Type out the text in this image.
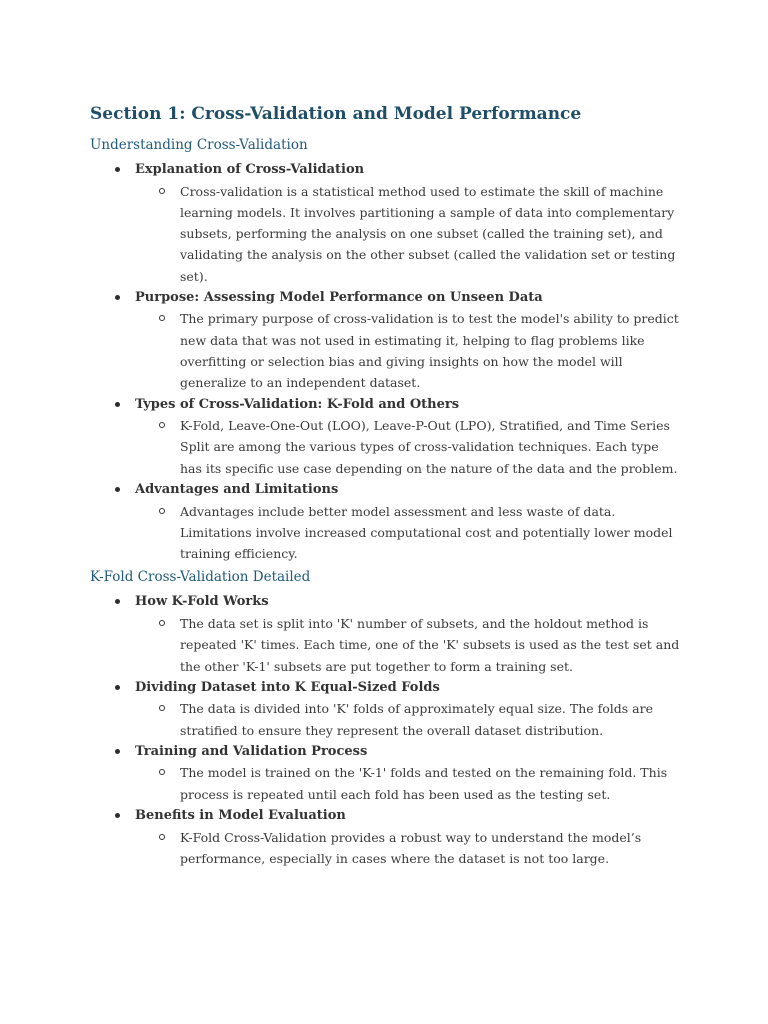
Section 1: Cross-Validation and Model Performance
Understanding Cross-Validation
Explanation of Cross-Validation
Cross-validation is a statistical method used to estimate the skill of machine learning models. It involves partitioning a sample of data into complementary subsets, performing the analysis on one subset (called the training set), and validating the analysis on the other subset (called the validation set or testing set).
Purpose: Assessing Model Performance on Unseen Data
The primary purpose of cross-validation is to test the model's ability to predict new data that was not used in estimating it, helping to flag problems like overfitting or selection bias and giving insights on how the model will generalize to an independent dataset.
Types of Cross-Validation: K-Fold and Others
K-Fold, Leave-One-Out (LOO), Leave-P-Out (LPO), Stratified, and Time Series Split are among the various types of cross-validation techniques. Each type has its specific use case depending on the nature of the data and the problem.
Advantages and Limitations
Advantages include better model assessment and less waste of data. Limitations involve increased computational cost and potentially lower model training efficiency.
K-Fold Cross-Validation Detailed
How K-Fold Works
The data set is split into 'K' number of subsets, and the holdout method is repeated 'K' times. Each time, one of the 'K' subsets is used as the test set and the other 'K-1' subsets are put together to form a training set.
Dividing Dataset into K Equal-Sized Folds
The data is divided into 'K' folds of approximately equal size. The folds are stratified to ensure they represent the overall dataset distribution.
Training and Validation Process
The model is trained on the 'K-1' folds and tested on the remaining fold. This process is repeated until each fold has been used as the testing set.
Benefits in Model Evaluation
K-Fold Cross-Validation provides a robust way to understand the model’s performance, especially in cases where the dataset is not too large.
